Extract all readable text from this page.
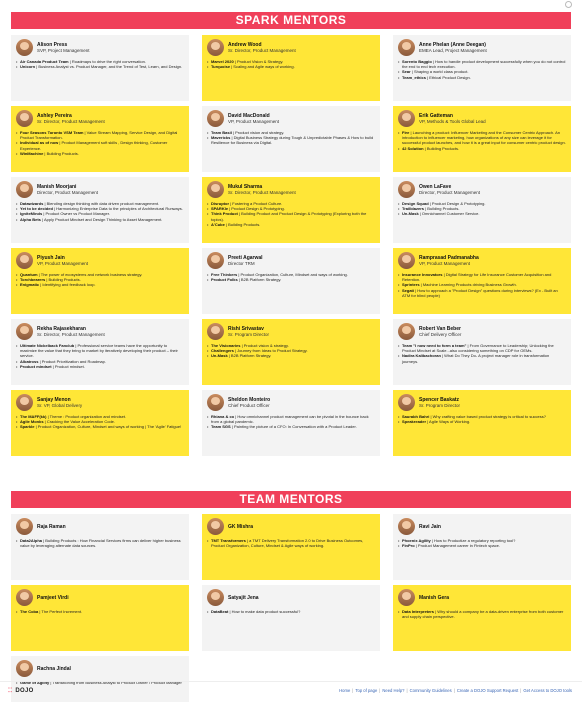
SPARK MENTORS
Alison Press
SVP, Project Management
• Air Canada Product Team | Roadmaps to drive the right conversation.
• Unicorn | Business Analyst vs. Product Manager, and the Trend of Test, Learn, and Design.
Andrew Wood
Sr. Director, Product Management
• Marvel 2020 | Product Vision & Strategy.
• Turquoise | Scaling and Agile ways of working.
Anne Phelan (Anne Deegan)
EMEA Lead, Project Management
• Sorento Baggio | How to handle product development successfully when you do not control the end to end tech execution.
• Sear | Shaping a world class product.
• Team_ethics | Ethical Product Design.
Ashley Pereira
Sr. Director, Product Management
• Four Seasons Toronto VSM Team | Value Stream Mapping, Service Design, and Digital Product Transformation.
• Individual as of now | Product Management soft skills , Design thinking, Customer Experience.
• WinMachine | Building Products.
David MacDonald
VP, Product Management
• Team Basil | Product vision and strategy.
• Mavericks | Digital Business Strategy during Tough & Unpredictable Phases & How to build Resilience for Business via Digital.
Erik Gatteman
VP, Methods & Tools Global Lead
• Fire | Launching a product: Influencer Marketing and the Consumer Centric Approach. An introduction to influencer marketing, how organizations of any size can leverage it for successful product launches, and how it is a great input for consumer centric product design.
• 42 Solution | Building Products.
Manish Moorjani
Director, Product Management
• Datawizards | Blending design thinking with data driven product management.
• Yet to be decided | Harmonizing Enterprise Data to the principles of Architectural Runways.
• IgniteMinds | Product Owner vs Product Manager.
• Alpha Bets | Apply Product Mindset and Design Thinking to Asset Management.
Mukul Sharma
Sr. Director, Product Management
• Disruptor | Fostering a Product Culture.
• SPARKle | Product Design & Prototyping.
• Think Product | Building Product and Product Design & Prototyping (Exploring both the topics).
• A'Cube | Building Products.
Owen LaFave
Director, Product Management
• Design Squad | Product Design & Prototyping.
• Trailblazers | Building Products.
• Un-Mask | Omnichannel Customer Service.
Piyush Jain
VP, Product Management
• Quantum | The power of ecosystems and network business strategy.
• Torchbearers | Building Products.
• Enigmatic | Identifying and feedback loop.
Preeti Agarwal
Director TRM
• Free Thinkers | Product Organization, Culture, Mindset and ways of working.
• Product Folks | B2B Platform Strategy.
Ramprasad Padmanabha
VP, Product Management
• Insurance Innovators | Digital Strategy for Life Insurance Customer Acquisition and Retention.
• Sprinters | Machine Learning Products driving Business Growth.
• Segati | How to approach a "Product Design" questions during interviews? (Ex - Built an ATM for blind people)
Rekha Rajasekharan
Sr. Director, Product Management
• Ultimate Nickelback Fanclub | Professional service teams have the opportunity to maximize the value that they bring to market by iteratively developing their product – their service.
• Albatross | Product Prioritization and Roadmap.
• Product mindset | Product mindset.
Rishi Srivastav
Sr. Program Director
• The Visionaries | Product vision & strategy.
• Challengers | Journey from Ideas to Product Strategy.
• Un-Mask | B2B Platform Strategy.
Robert Van Beber
Chief Delivery Officer
• Team "I now need to form a team" | From Governance to Leadership; Unlocking the Product Mindset at Scale...also considering something on CDP for OEMs.
• Nadira Kalibachoran | What Do They Do- A project manager role in transformation journeys.
Sanjay Menon
Sr. VP, Global Delivery
• The MAFF(kk) | Theme : Product organization and mindset.
• Agile Monks | Cracking the Value Acceleration Code.
• Sparkle | Product Organization, Culture, Mindset and ways of working | The 'Agile' Fatigue!
Sheldon Monteiro
Chief Product Officer
• Rhiana & co | How omnichannel product management can be pivotal in the bounce back from a global pandemic.
• Team SGS | Painting the picture of a CFO: In Conversation with a Product Leader.
Spencer Baskatz
Sr. Program Director
• Saurabh Bahri | Why crafting value based product strategy is critical to success?
• Speakreader | Agile Ways of Working.
TEAM MENTORS
Raja Raman
• Data2Alpha | Building Products : How Financial Services firms can deliver higher business value by leveraging alternate data sources.
GK Mishra
• TMT Transformers | a TMT Delivery Transformation 2.0 to Drive Business Outcomes, Product Organization, Culture, Mindset & Agile ways of working.
Ravi Jain
• Phoenix Agility | How to Productize a regulatory reporting tool?
• FinPro | Product Management career in Fintech space.
Pamjeet Virdi
• The Coba | The Perfect Increment.
Satyajit Jena
• DataBeat | How to make data product successful?
Manish Gera
• Data Interpreters | Why should a company be a data-driven enterprise from both customer and supply chain perspective.
Rachna Jindal
• Game of Agility | Transitioning from Business Analyst to Product Owner / Product Manager
⁚⁚ DOJO	Home | Top of page | Need Help? | Community Guidelines | Create a DOJO Support Request | Get Access to DOJO tools
